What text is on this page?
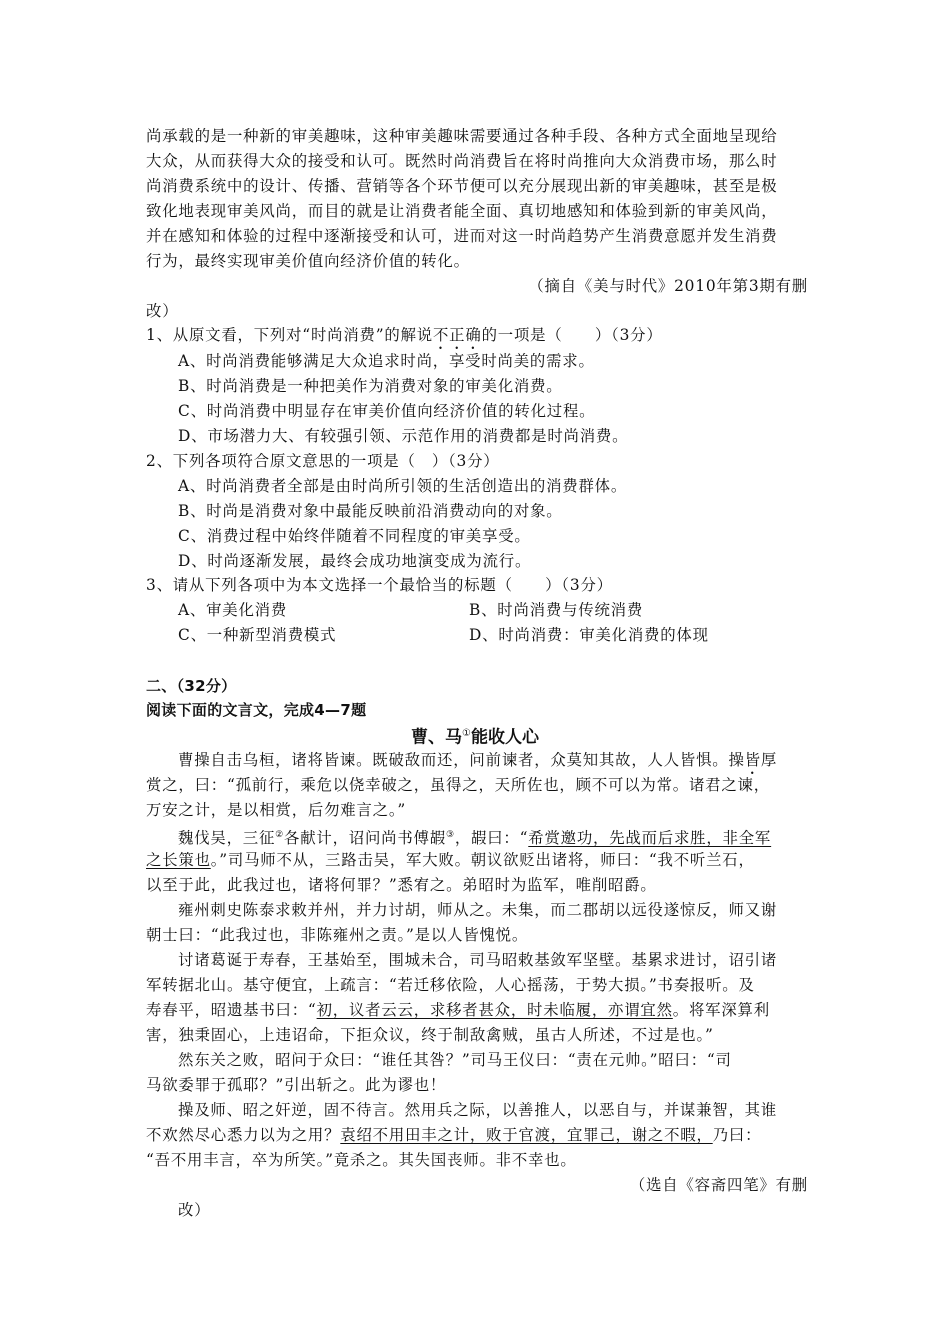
尚承载的是一种新的审美趣味，这种审美趣味需要通过各种手段、各种方式全面地呈现给
大众，从而获得大众的接受和认可。既然时尚消费旨在将时尚推向大众消费市场，那么时
尚消费系统中的设计、传播、营销等各个环节便可以充分展现出新的审美趣味，甚至是极
致化地表现审美风尚，而目的就是让消费者能全面、真切地感知和体验到新的审美风尚，
并在感知和体验的过程中逐渐接受和认可，进而对这一时尚趋势产生消费意愿并发生消费
行为，最终实现审美价值向经济价值的转化。
（摘自《美与时代》2010年第3期有删
改）
1、从原文看，下列对“时尚消费”的解说不正确的一项是（　　）（3分）
A、时尚消费能够满足大众追求时尚，享受时尚美的需求。
B、时尚消费是一种把美作为消费对象的审美化消费。
C、时尚消费中明显存在审美价值向经济价值的转化过程。
D、市场潜力大、有较强引领、示范作用的消费都是时尚消费。
2、下列各项符合原文意思的一项是（　）（3分）
A、时尚消费者全部是由时尚所引领的生活创造出的消费群体。
B、时尚是消费对象中最能反映前沿消费动向的对象。
C、消费过程中始终伴随着不同程度的审美享受。
D、时尚逐渐发展，最终会成功地演变成为流行。
3、请从下列各项中为本文选择一个最恰当的标题（　　）（3分）
A、审美化消费	B、时尚消费与传统消费
C、一种新型消费模式	D、时尚消费：审美化消费的体现
二、（32分）
阅读下面的文言文，完成4—7题
曹、马①能收人心
曹操自击乌桓，诸将皆谏。既破敌而还，问前谏者，众莫知其故，人人皆惧。操皆厚
赏之，曰：“孤前行，乘危以侥幸破之，虽得之，天所佐也，顾不可以为常。诸君之谏，
万安之计，是以相赏，后勿难言之。”
魏伐吴，三征②各献计，诏问尚书傅嘏③，嘏曰：“希赏邀功，先战而后求胜，非全军
之长策也。”司马师不从，三路击吴，军大败。朝议欲贬出诸将，师曰：“我不听兰石，
以至于此，此我过也，诸将何罪？”悉宥之。弟昭时为监军，唯削昭爵。
雍州刺史陈泰求敕并州，并力讨胡，师从之。未集，而二郡胡以远役遂惊反，师又谢
朝士曰：“此我过也，非陈雍州之责。”是以人皆愧悦。
讨诸葛诞于寿春，王基始至，围城未合，司马昭敕基敛军坚壁。基累求进讨，诏引诸
军转据北山。基守便宜，上疏言：“若迁移依险，人心摇荡，于势大损。”书奏报听。及
寿春平，昭遗基书曰：“初，议者云云，求移者甚众，时未临履，亦谓宜然。将军深算利
害，独秉固心，上违诏命，下拒众议，终于制敌禽贼，虽古人所述，不过是也。”
然东关之败，昭问于众曰：“谁任其咎？”司马王仪曰：“责在元帅。”昭曰：“司
马欲委罪于孤耶？”引出斩之。此为谬也！
操及师、昭之奸逆，固不待言。然用兵之际，以善推人，以恶自与，并谋兼智，其谁
不欢然尽心悉力以为之用？袁绍不用田丰之计，败于官渡，宜罪己，谢之不暇，乃曰：
“吾不用丰言，卒为所笑。”竟杀之。其失国丧师。非不幸也。
（选自《容斋四笔》有删
改）
